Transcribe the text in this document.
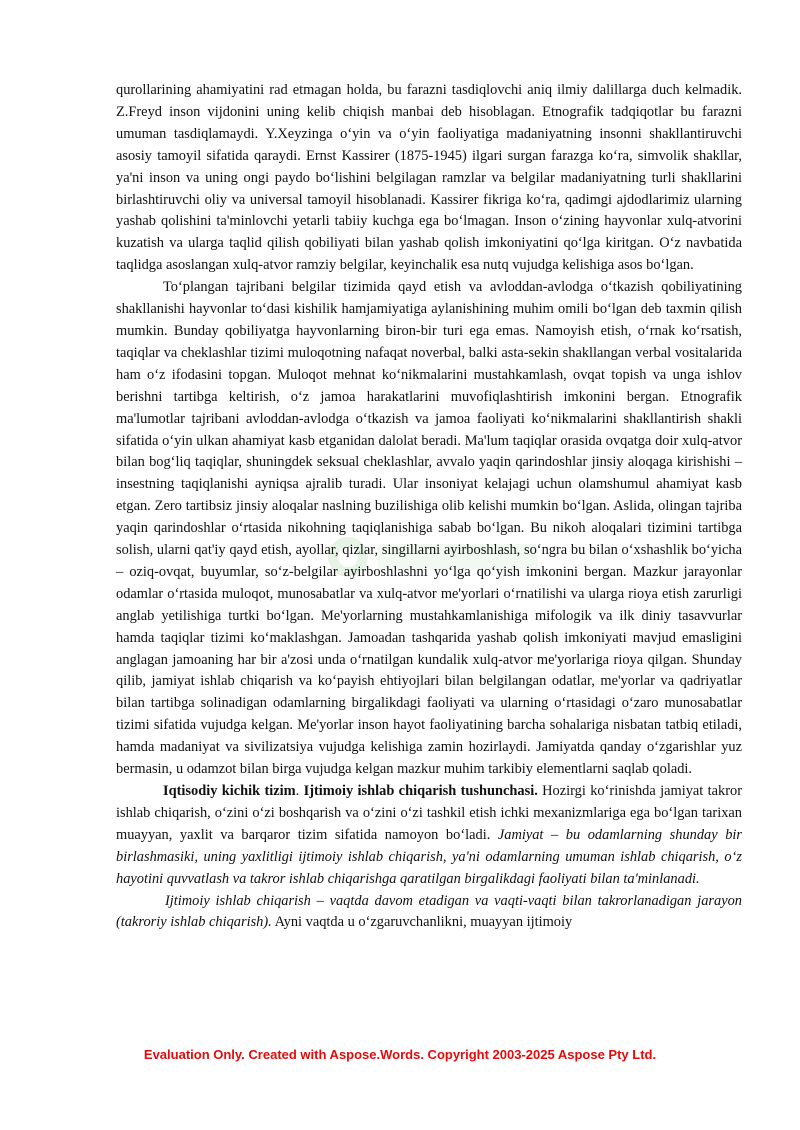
qurollarining ahamiyatini rad etmagan holda, bu farazni tasdiqlovchi aniq ilmiy dalillarga duch kelmadik. Z.Freyd inson vijdonini uning kelib chiqish manbai deb hisoblagan. Etnografik tadqiqotlar bu farazni umuman tasdiqlamaydi. Y.Xeyzinga o‘yin va o‘yin faoliyatiga madaniyatning insonni shakllantiruvchi asosiy tamoyil sifatida qaraydi. Ernst Kassirer (1875-1945) ilgari surgan farazga ko‘ra, simvolik shakllar, ya'ni inson va uning ongi paydo bo‘lishini belgilagan ramzlar va belgilar madaniyatning turli shakllarini birlashtiruvchi oliy va universal tamoyil hisoblanadi. Kassirer fikriga ko‘ra, qadimgi ajdodlarimiz ularning yashab qolishini ta'minlovchi yetarli tabiiy kuchga ega bo‘lmagan. Inson o‘zining hayvonlar xulq-atvorini kuzatish va ularga taqlid qilish qobiliyati bilan yashab qolish imkoniyatini qo‘lga kiritgan. O‘z navbatida taqlidga asoslangan xulq-atvor ramziy belgilar, keyinchalik esa nutq vujudga kelishiga asos bo‘lgan.

To‘plangan tajribani belgilar tizimida qayd etish va avloddan-avlodga o‘tkazish qobiliyatining shakllanishi hayvonlar to‘dasi kishilik hamjamiyatiga aylanishining muhim omili bo‘lgan deb taxmin qilish mumkin. Bunday qobiliyatga hayvonlarning biron-bir turi ega emas. Namoyish etish, o‘rnak ko‘rsatish, taqiqlar va cheklashlar tizimi muloqotning nafaqat noverbal, balki asta-sekin shakllangan verbal vositalarida ham o‘z ifodasini topgan. Muloqot mehnat ko‘nikmalarini mustahkamlash, ovqat topish va unga ishlov berishni tartibga keltirish, o‘z jamoa harakatlarini muvofiqlashtirish imkonini bergan. Etnografik ma'lumotlar tajribani avloddan-avlodga o‘tkazish va jamoa faoliyati ko‘nikmalarini shakllantirish shakli sifatida o‘yin ulkan ahamiyat kasb etganidan dalolat beradi. Ma'lum taqiqlar orasida ovqatga doir xulq-atvor bilan bog‘liq taqiqlar, shuningdek seksual cheklashlar, avvalo yaqin qarindoshlar jinsiy aloqaga kirishishi – insestning taqiqlanishi ayniqsa ajralib turadi. Ular insoniyat kelajagi uchun olamshumul ahamiyat kasb etgan. Zero tartibsiz jinsiy aloqalar naslning buzilishiga olib kelishi mumkin bo‘lgan. Aslida, olingan tajriba yaqin qarindoshlar o‘rtasida nikohning taqiqlanishiga sabab bo‘lgan. Bu nikoh aloqalari tizimini tartibga solish, ularni qat'iy qayd etish, ayollar, qizlar, singillarni ayirboshlash, so‘ngra bu bilan o‘xshashlik bo‘yicha – oziq-ovqat, buyumlar, so‘z-belgilar ayirboshlashni yo‘lga qo‘yish imkonini bergan. Mazkur jarayonlar odamlar o‘rtasida muloqot, munosabatlar va xulq-atvor me'yorlari o‘rnatilishi va ularga rioya etish zarurligi anglab yetilishiga turtki bo‘lgan. Me'yorlarning mustahkamlanishiga mifologik va ilk diniy tasavvurlar hamda taqiqlar tizimi ko‘maklashgan. Jamoadan tashqarida yashab qolish imkoniyati mavjud emasligini anglagan jamoaning har bir a'zosi unda o‘rnatilgan kundalik xulq-atvor me'yorlariga rioya qilgan. Shunday qilib, jamiyat ishlab chiqarish va ko‘payish ehtiyojlari bilan belgilangan odatlar, me'yorlar va qadriyatlar bilan tartibga solinadigan odamlarning birgalikdagi faoliyati va ularning o‘rtasidagi o‘zaro munosabatlar tizimi sifatida vujudga kelgan. Me'yorlar inson hayot faoliyatining barcha sohalariga nisbatan tatbiq etiladi, hamda madaniyat va sivilizatsiya vujudga kelishiga zamin hozirlaydi. Jamiyatda qanday o‘zgarishlar yuz bermasin, u odamzot bilan birga vujudga kelgan mazkur muhim tarkibiy elementlarni saqlab qoladi.

Iqtisodiy kichik tizim. Ijtimoiy ishlab chiqarish tushunchasi. Hozirgi ko‘rinishda jamiyat takror ishlab chiqarish, o‘zini o‘zi boshqarish va o‘zini o‘zi tashkil etish ichki mexanizmlariga ega bo‘lgan tarixan muayyan, yaxlit va barqaror tizim sifatida namoyon bo‘ladi. Jamiyat – bu odamlarning shunday bir birlashmasiki, uning yaxlitligi ijtimoiy ishlab chiqarish, ya'ni odamlarning umuman ishlab chiqarish, o‘z hayotini quvvatlash va takror ishlab chiqarishga qaratilgan birgalikdagi faoliyati bilan ta'minlanadi.

Ijtimoiy ishlab chiqarish – vaqtda davom etadigan va vaqti-vaqti bilan takrorlanadigan jarayon (takroriy ishlab chiqarish). Ayni vaqtda u o‘zgaruvchanlikni, muayyan ijtimoiy

Evaluation Only. Created with Aspose.Words. Copyright 2003-2025 Aspose Pty Ltd.
